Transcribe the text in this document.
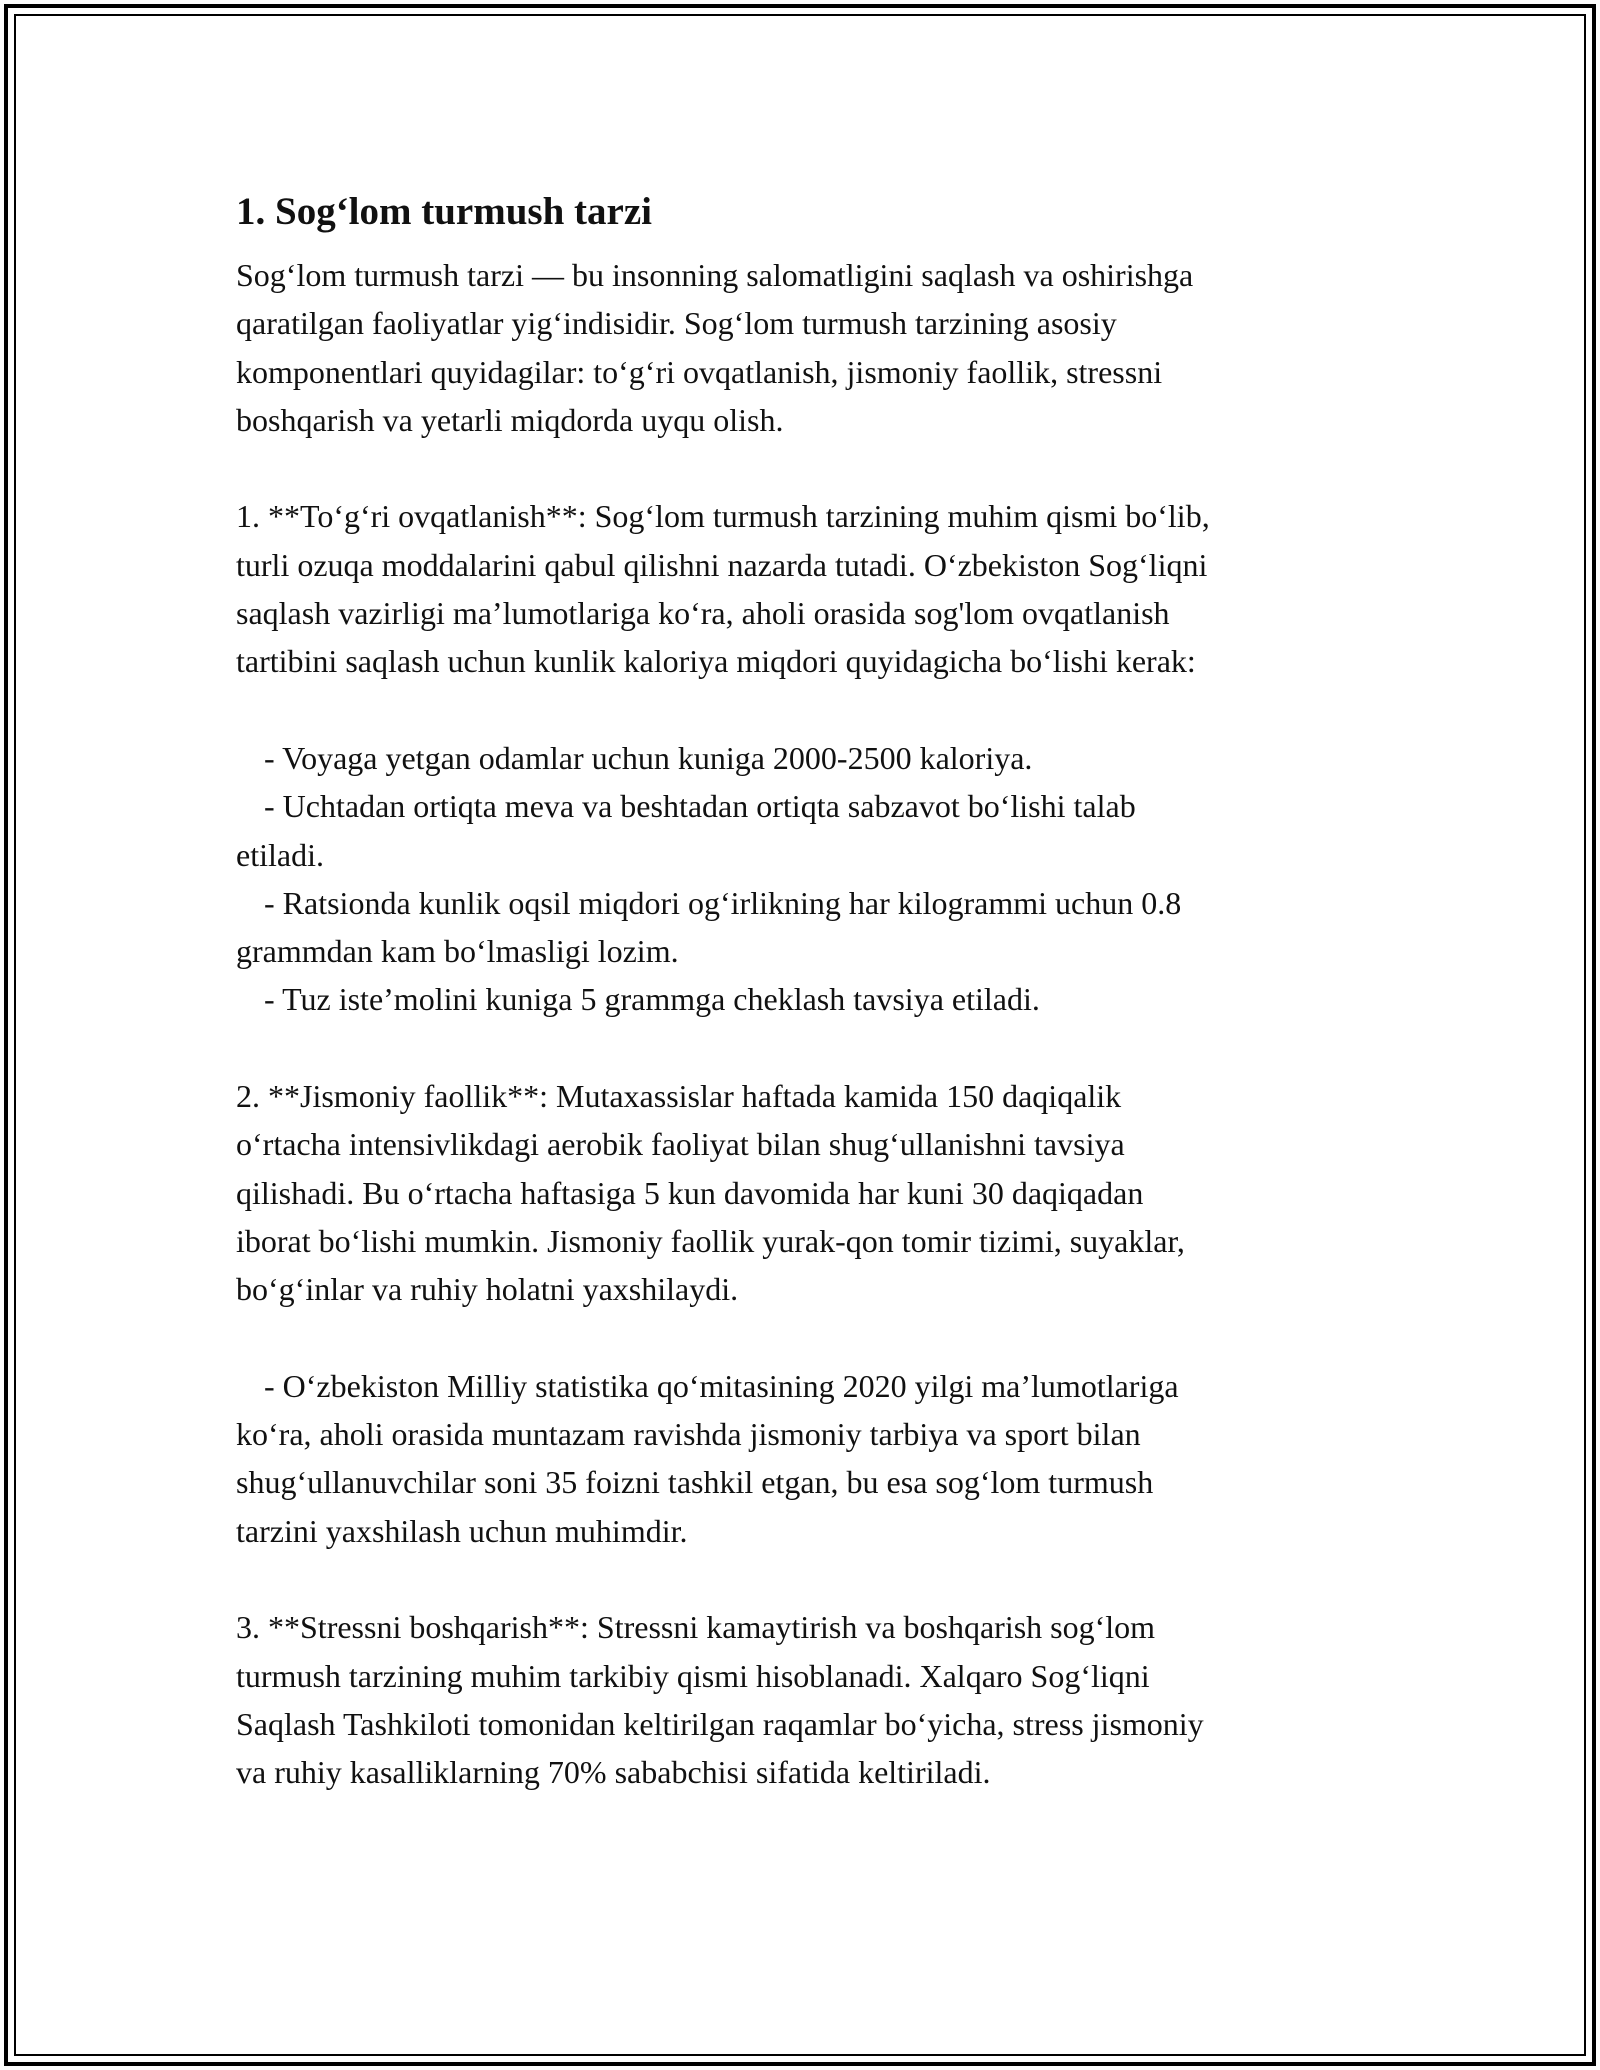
1. Sog‘lom turmush tarzi

Sog‘lom turmush tarzi — bu insonning salomatligini saqlash va oshirishga
qaratilgan faoliyatlar yig‘indisidir. Sog‘lom turmush tarzining asosiy
komponentlari quyidagilar: to‘g‘ri ovqatlanish, jismoniy faollik, stressni
boshqarish va yetarli miqdorda uyqu olish.

1. **To‘g‘ri ovqatlanish**: Sog‘lom turmush tarzining muhim qismi bo‘lib,
turli ozuqa moddalarini qabul qilishni nazarda tutadi. O‘zbekiston Sog‘liqni
saqlash vazirligi ma’lumotlariga ko‘ra, aholi orasida sog'lom ovqatlanish
tartibini saqlash uchun kunlik kaloriya miqdori quyidagicha bo‘lishi kerak:

- Voyaga yetgan odamlar uchun kuniga 2000-2500 kaloriya.
- Uchtadan ortiqta meva va beshtadan ortiqta sabzavot bo‘lishi talab
etiladi.
- Ratsionda kunlik oqsil miqdori og‘irlikning har kilogrammi uchun 0.8
grammdan kam bo‘lmasligi lozim.
- Tuz iste’molini kuniga 5 grammga cheklash tavsiya etiladi.

2. **Jismoniy faollik**: Mutaxassislar haftada kamida 150 daqiqalik
o‘rtacha intensivlikdagi aerobik faoliyat bilan shug‘ullanishni tavsiya
qilishadi. Bu o‘rtacha haftasiga 5 kun davomida har kuni 30 daqiqadan
iborat bo‘lishi mumkin. Jismoniy faollik yurak-qon tomir tizimi, suyaklar,
bo‘g‘inlar va ruhiy holatni yaxshilaydi.

- O‘zbekiston Milliy statistika qo‘mitasining 2020 yilgi ma’lumotlariga
ko‘ra, aholi orasida muntazam ravishda jismoniy tarbiya va sport bilan
shug‘ullanuvchilar soni 35 foizni tashkil etgan, bu esa sog‘lom turmush
tarzini yaxshilash uchun muhimdir.

3. **Stressni boshqarish**: Stressni kamaytirish va boshqarish sog‘lom
turmush tarzining muhim tarkibiy qismi hisoblanadi. Xalqaro Sog‘liqni
Saqlash Tashkiloti tomonidan keltirilgan raqamlar bo‘yicha, stress jismoniy
va ruhiy kasalliklarning 70% sababchisi sifatida keltiriladi.
